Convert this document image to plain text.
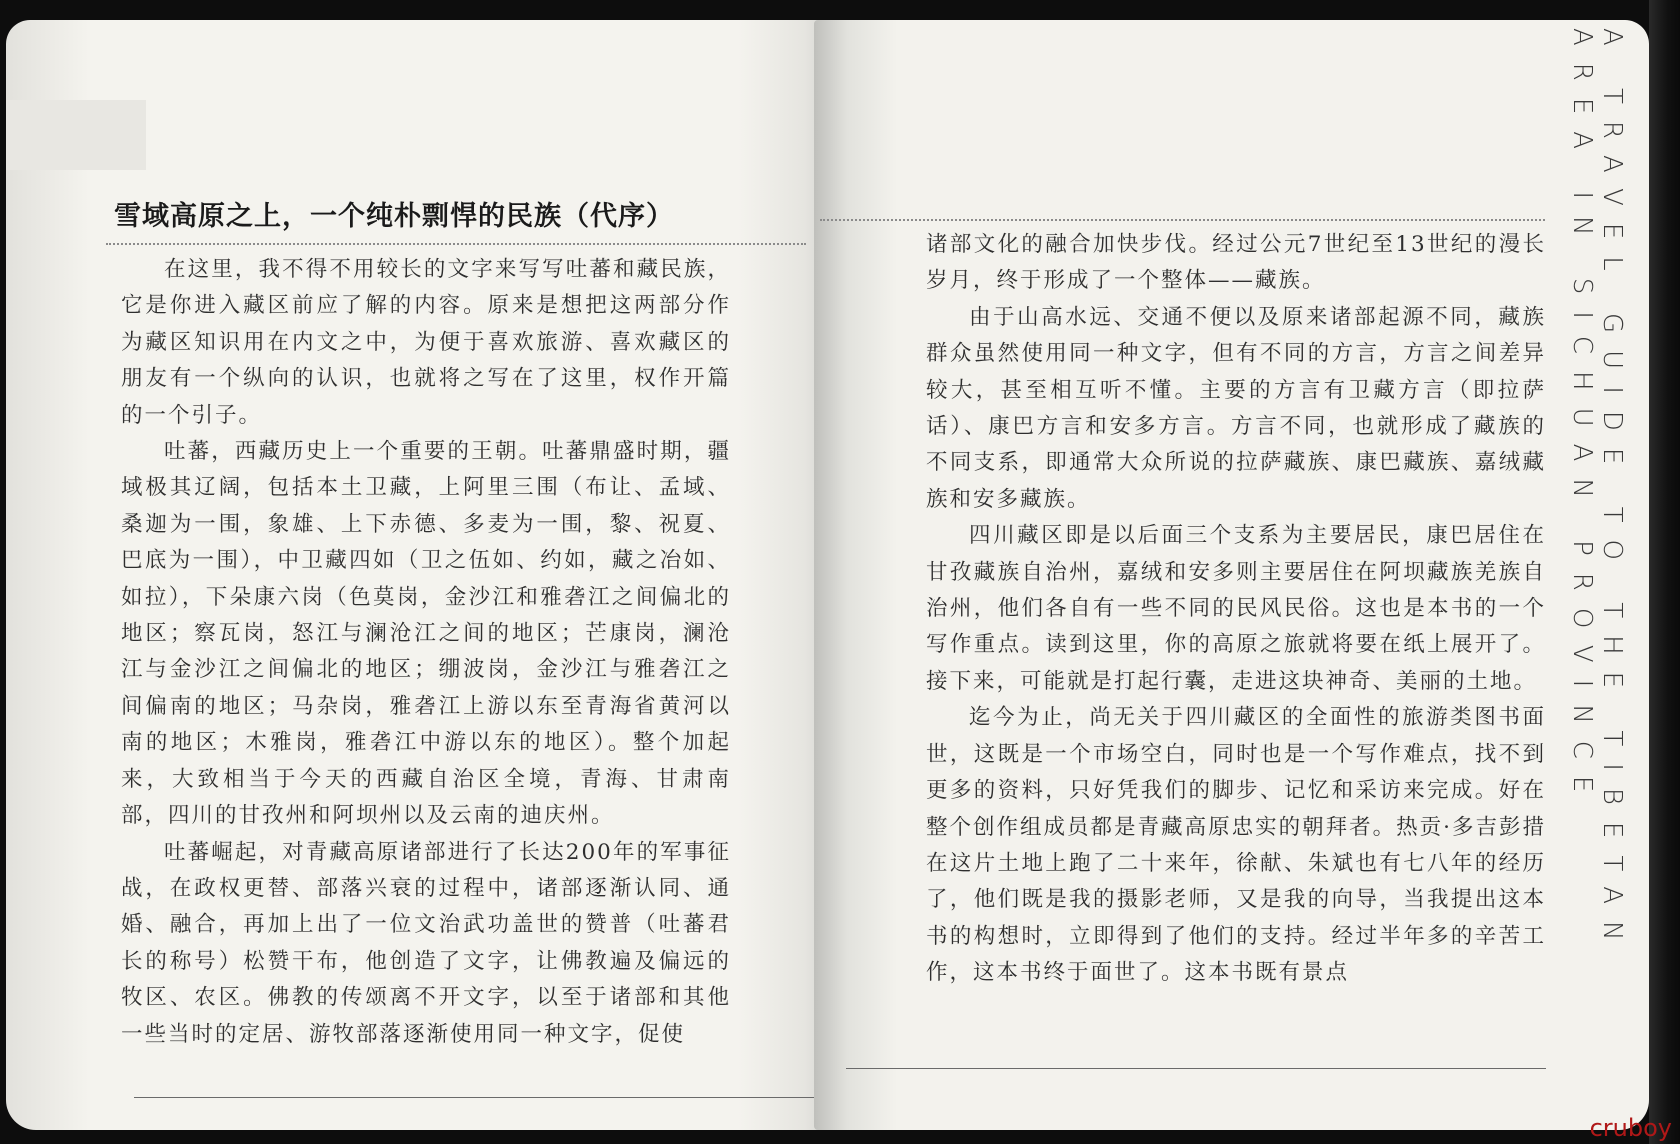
雪域高原之上，一个纯朴剽悍的民族（代序）

在这里，我不得不用较长的文字来写写吐蕃和藏民族，它是你进入藏区前应了解的内容。原来是想把这两部分作为藏区知识用在内文之中，为便于喜欢旅游、喜欢藏区的朋友有一个纵向的认识，也就将之写在了这里，权作开篇的一个引子。

吐蕃，西藏历史上一个重要的王朝。吐蕃鼎盛时期，疆域极其辽阔，包括本土卫藏，上阿里三围（布让、孟域、桑迦为一围，象雄、上下赤德、多麦为一围，黎、祝夏、巴底为一围），中卫藏四如（卫之伍如、约如，藏之冶如、如拉），下朵康六岗（色莫岗，金沙江和雅砻江之间偏北的地区；察瓦岗，怒江与澜沧江之间的地区；芒康岗，澜沧江与金沙江之间偏北的地区；绷波岗，金沙江与雅砻江之间偏南的地区；马杂岗，雅砻江上游以东至青海省黄河以南的地区；木雅岗，雅砻江中游以东的地区）。整个加起来，大致相当于今天的西藏自治区全境，青海、甘肃南部，四川的甘孜州和阿坝州以及云南的迪庆州。

吐蕃崛起，对青藏高原诸部进行了长达200年的军事征战，在政权更替、部落兴衰的过程中，诸部逐渐认同、通婚、融合，再加上出了一位文治武功盖世的赞普（吐蕃君长的称号）松赞干布，他创造了文字，让佛教遍及偏远的牧区、农区。佛教的传颂离不开文字，以至于诸部和其他一些当时的定居、游牧部落逐渐使用同一种文字，促使

诸部文化的融合加快步伐。经过公元7世纪至13世纪的漫长岁月，终于形成了一个整体——藏族。

由于山高水远、交通不便以及原来诸部起源不同，藏族群众虽然使用同一种文字，但有不同的方言，方言之间差异较大，甚至相互听不懂。主要的方言有卫藏方言（即拉萨话）、康巴方言和安多方言。方言不同，也就形成了藏族的不同支系，即通常大众所说的拉萨藏族、康巴藏族、嘉绒藏族和安多藏族。

四川藏区即是以后面三个支系为主要居民，康巴居住在甘孜藏族自治州，嘉绒和安多则主要居住在阿坝藏族羌族自治州，他们各自有一些不同的民风民俗。这也是本书的一个写作重点。读到这里，你的高原之旅就将要在纸上展开了。接下来，可能就是打起行囊，走进这块神奇、美丽的土地。

迄今为止，尚无关于四川藏区的全面性的旅游类图书面世，这既是一个市场空白，同时也是一个写作难点，找不到更多的资料，只好凭我们的脚步、记忆和采访来完成。好在整个创作组成员都是青藏高原忠实的朝拜者。热贡·多吉彭措在这片土地上跑了二十来年，徐献、朱斌也有七八年的经历了，他们既是我的摄影老师，又是我的向导，当我提出这本书的构想时，立即得到了他们的支持。经过半年多的辛苦工作，这本书终于面世了。这本书既有景点

A TRAVEL GUIDE TO THE TIBETAN AREA IN SICHUAN PROVINCE
cruboy
